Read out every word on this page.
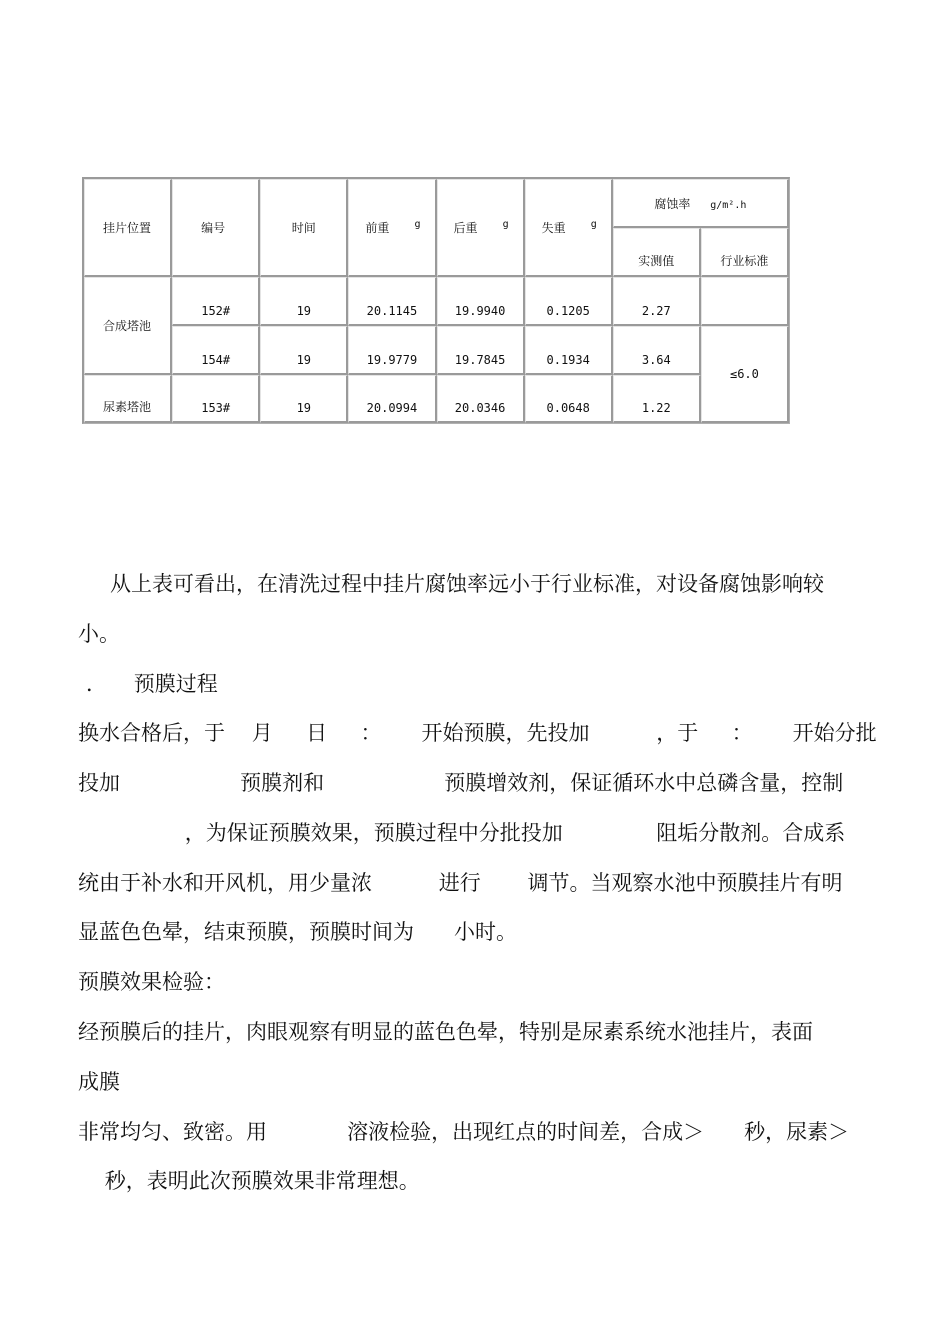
挂片位置	编号	时间	前重 g	后重 g	失重 g	腐蚀率 g/m².h	
						实测值	行业标准
合成塔池	152#	19	20.1145	19.9940	0.1205	2.27	
	154#	19	19.9779	19.7845	0.1934	3.64	≤6.0
尿素塔池	153#	19	20.0994	20.0346	0.0648	1.22	
从上表可看出，在清洗过程中挂片腐蚀率远小于行业标准，对设备腐蚀影响较
小。
．    预膜过程
换水合格后，于    月     日     ：      开始预膜，先投加          ，于     ：      开始分批
投加                  预膜剂和                  预膜增效剂，保证循环水中总磷含量，控制
，为保证预膜效果，预膜过程中分批投加              阻垢分散剂。合成系
统由于补水和开风机，用少量浓          进行       调节。当观察水池中预膜挂片有明
显蓝色色晕，结束预膜，预膜时间为      小时。
预膜效果检验：
经预膜后的挂片，肉眼观察有明显的蓝色色晕，特别是尿素系统水池挂片，表面
成膜
非常均匀、致密。用            溶液检验，出现红点的时间差，合成＞      秒，尿素＞
秒，表明此次预膜效果非常理想。
